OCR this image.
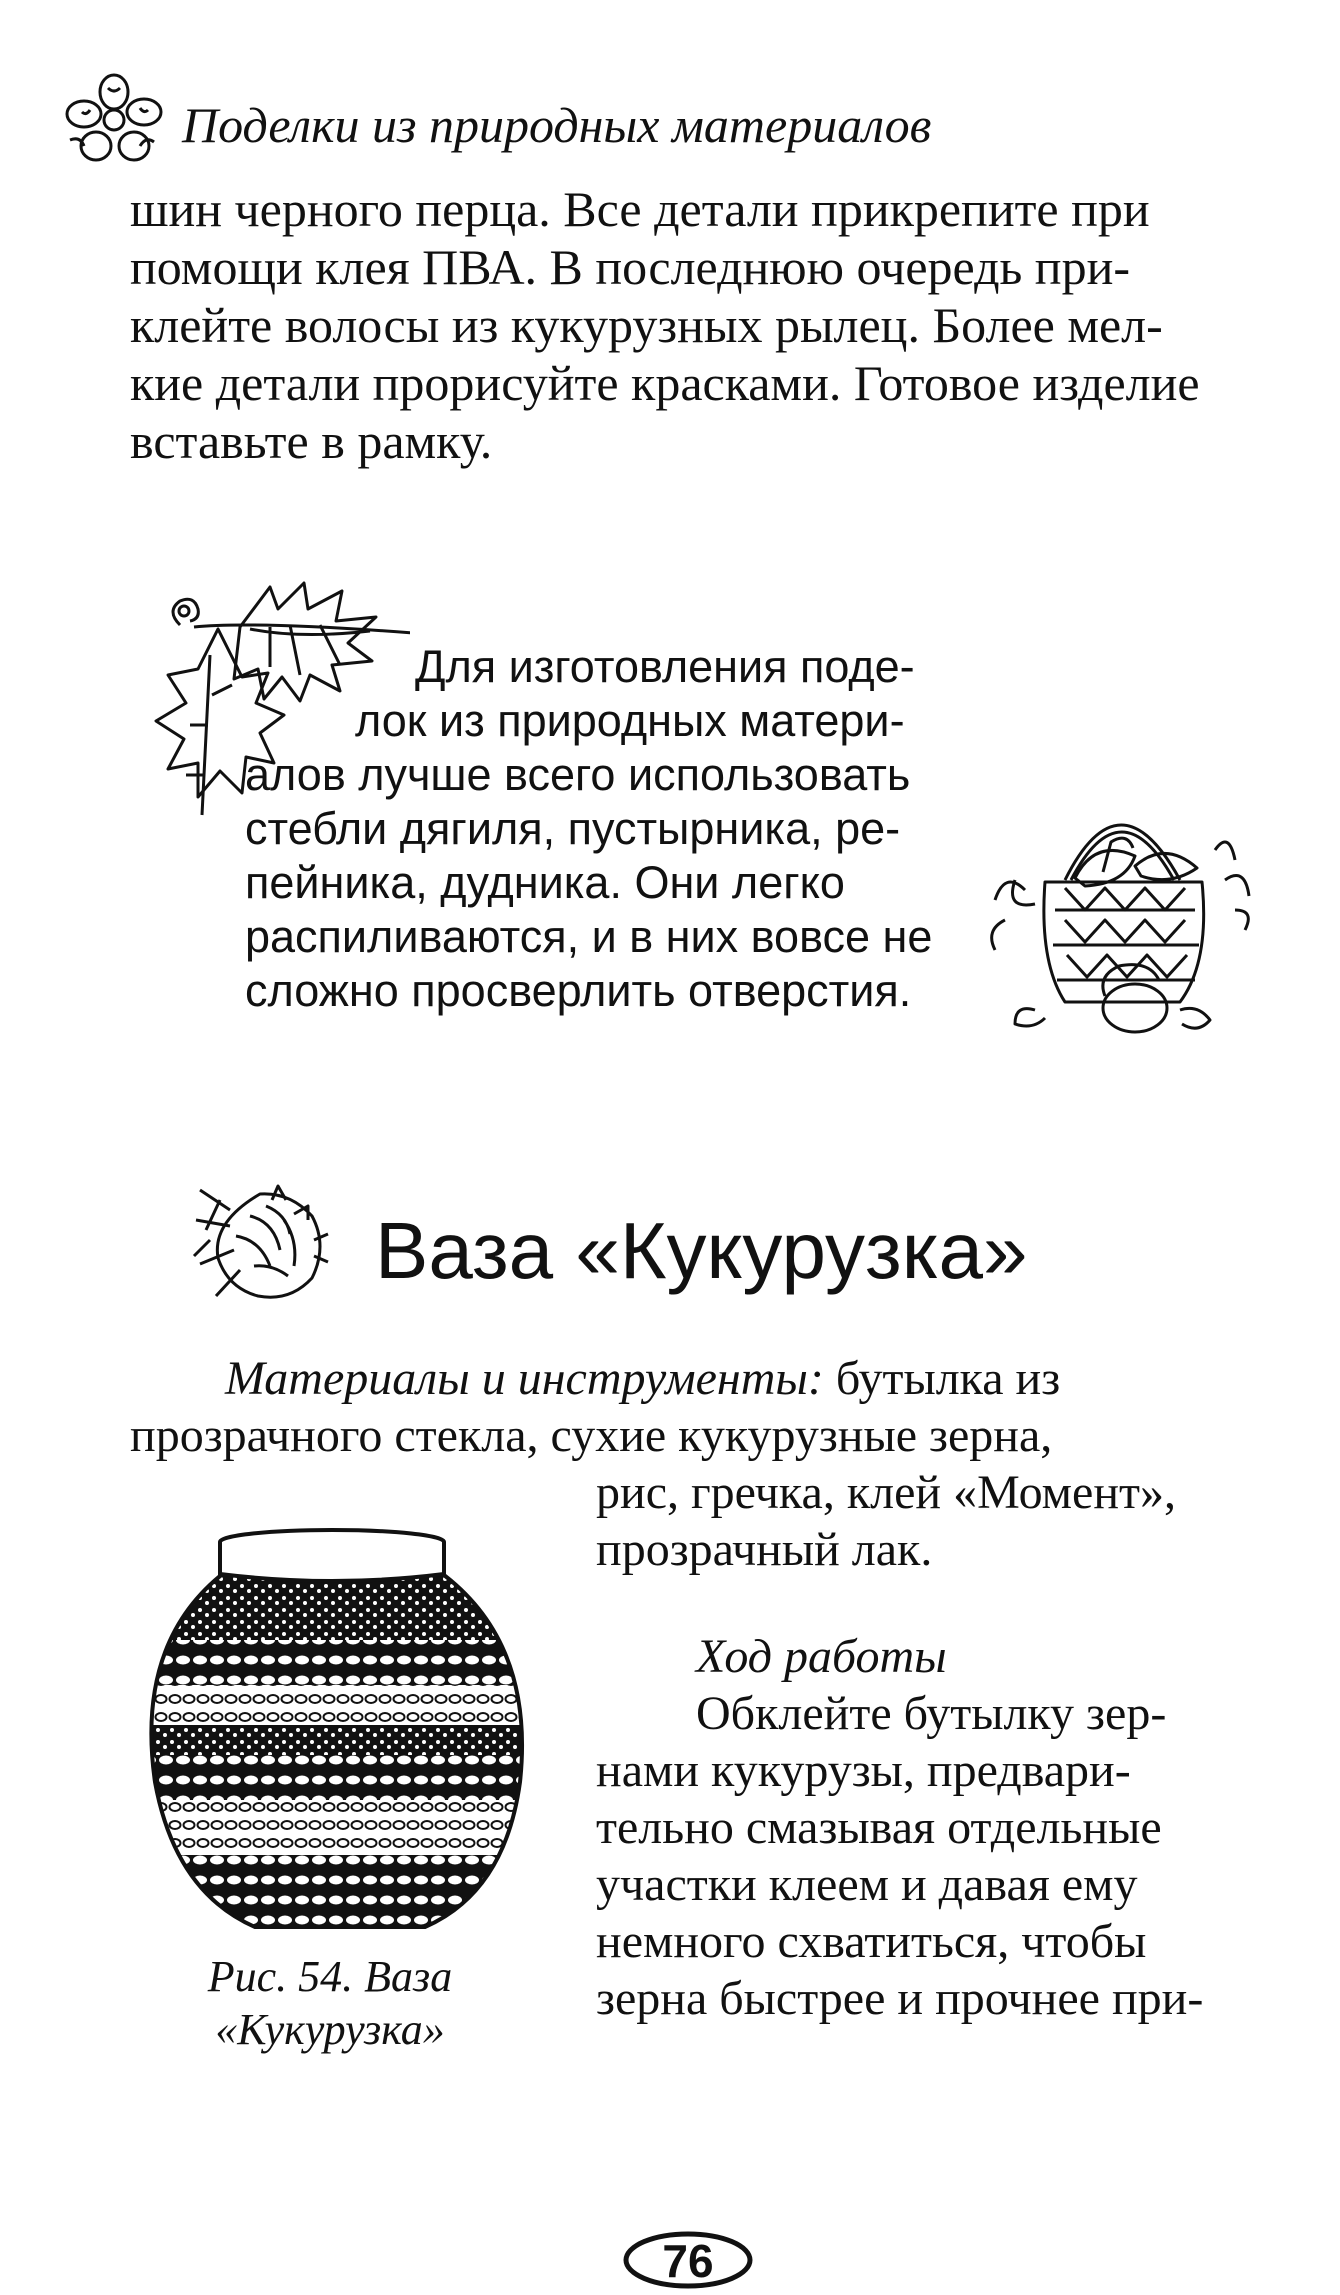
Поделки из природных материалов
шин черного перца. Все детали прикрепите при
помощи клея ПВА. В последнюю очередь при-
клейте волосы из кукурузных рылец. Более мел-
кие детали прорисуйте красками. Готовое изделие
вставьте в рамку.
Для изготовления поде-
лок из природных матери-
алов лучше всего использовать
стебли дягиля, пустырника, ре-
пейника, дудника. Они легко
распиливаются, и в них вовсе не
сложно просверлить отверстия.
Ваза «Кукурузка»
Материалы и инструменты: бутылка из
прозрачного стекла, сухие кукурузные зерна,
рис, гречка, клей «Момент»,
прозрачный лак.
Ход работы
Обклейте бутылку зер-
нами кукурузы, предвари-
тельно смазывая отдельные
участки клеем и давая ему
немного схватиться, чтобы
зерна быстрее и прочнее при-
Рис. 54. Ваза
«Кукурузка»
76
